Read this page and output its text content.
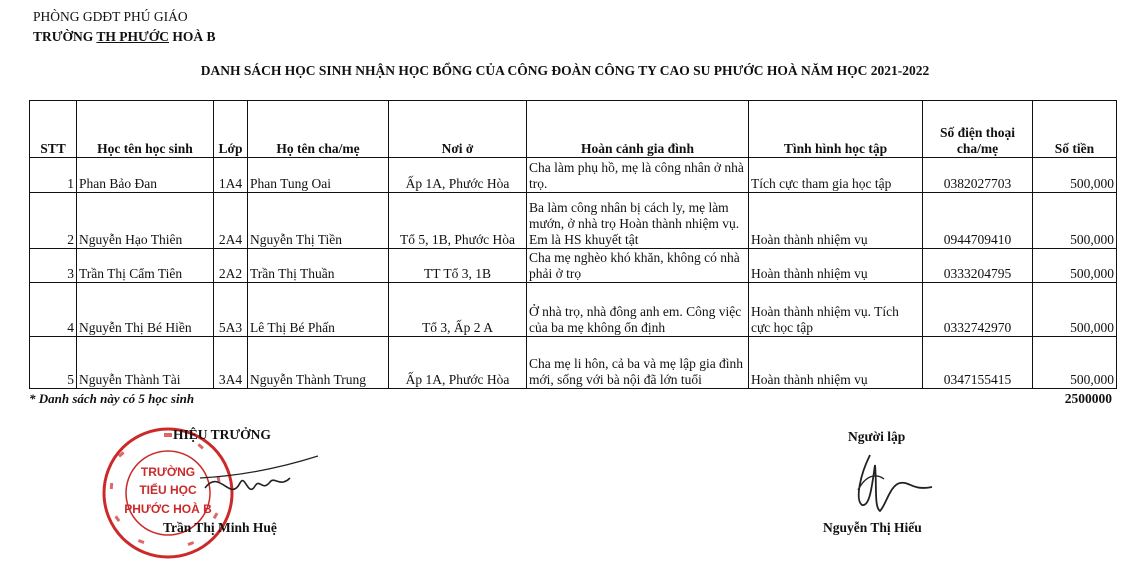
PHÒNG GDĐT PHÚ GIÁO
TRƯỜNG TH PHƯỚC HOÀ B
DANH SÁCH HỌC SINH NHẬN HỌC BỔNG CỦA CÔNG ĐOÀN CÔNG TY CAO SU PHƯỚC HOÀ NĂM HỌC 2021-2022
STT	Học tên học sinh	Lớp	Họ tên cha/mẹ	Nơi ở	Hoàn cảnh gia đình	Tình hình học tập	Số điện thoại cha/mẹ	Số tiền
1	Phan Bảo Đan	1A4	Phan Tung Oai	Ấp 1A, Phước Hòa	Cha làm phụ hồ, mẹ là công nhân ở nhà trọ.	Tích cực tham gia học tập	0382027703	500,000
2	Nguyễn Hạo Thiên	2A4	Nguyễn Thị Tiền	Tổ 5, 1B, Phước Hòa	Ba làm công nhân bị cách ly, mẹ làm mướn, ở nhà trọ Hoàn thành nhiệm vụ. Em là HS khuyết tật	Hoàn thành nhiệm vụ	0944709410	500,000
3	Trần Thị Cẩm Tiên	2A2	Trần Thị Thuần	TT Tổ 3, 1B	Cha mẹ nghèo khó khăn, không có nhà phải ở trọ	Hoàn thành nhiệm vụ	0333204795	500,000
4	Nguyễn Thị Bé Hiền	5A3	Lê Thị Bé Phấn	Tổ 3, Ấp 2 A	Ở nhà trọ, nhà đông anh em. Công việc của ba mẹ không ổn định	Hoàn thành nhiệm vụ. Tích cực học tập	0332742970	500,000
5	Nguyễn Thành Tài	3A4	Nguyễn Thành Trung	Ấp 1A, Phước Hòa	Cha mẹ li hôn, cả ba và mẹ lập gia đình mới, sống với bà nội đã lớn tuổi	Hoàn thành nhiệm vụ	0347155415	500,000
* Danh sách này có 5 học sinh	2500000
TRƯỜNG
TIỂU HỌC
PHƯỚC HOÀ B
HIỆU TRƯỞNG
Trần Thị Minh Huệ
Người lập
Nguyễn Thị Hiếu
